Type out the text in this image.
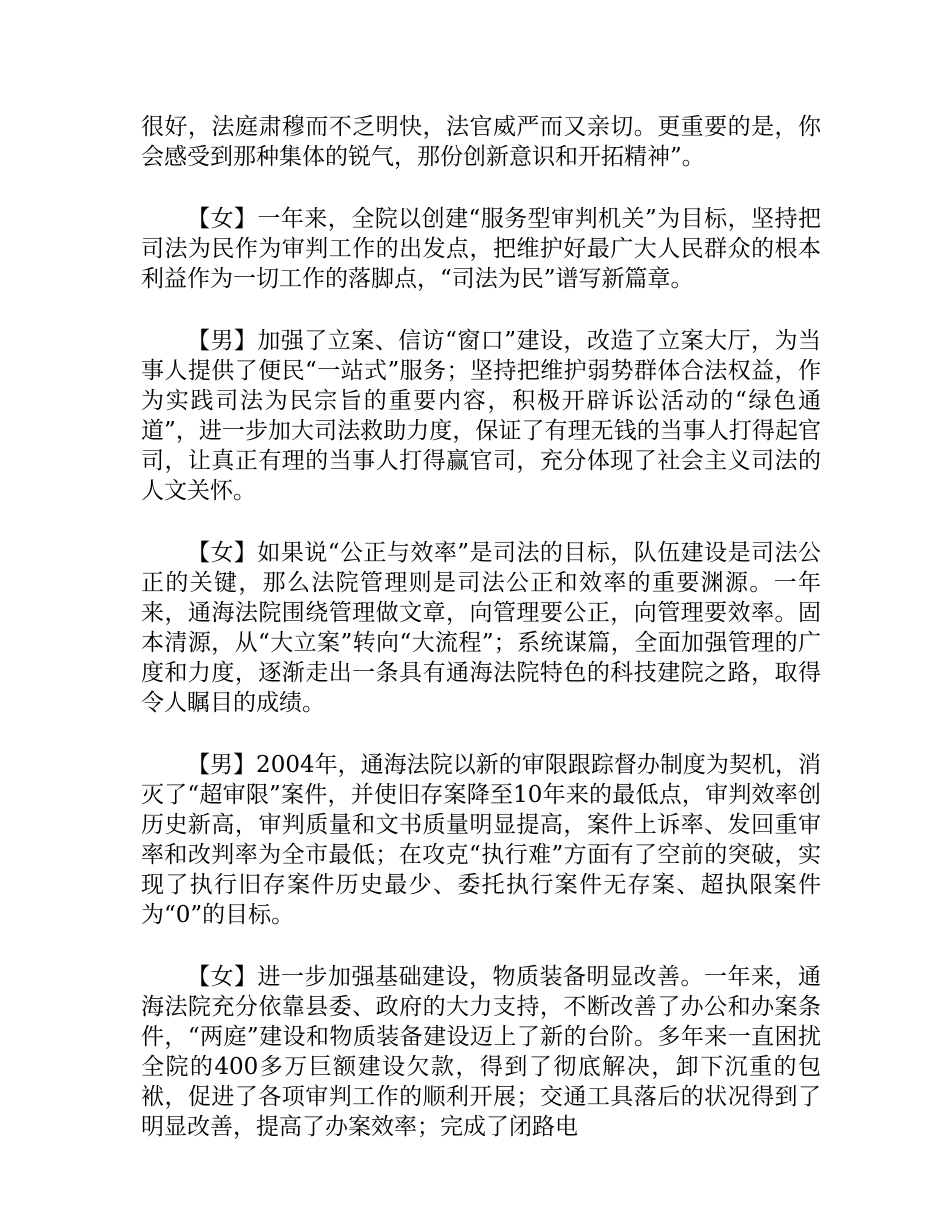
很好，法庭肃穆而不乏明快，法官威严而又亲切。更重要的是，你会感受到那种集体的锐气，那份创新意识和开拓精神”。

【女】一年来，全院以创建“服务型审判机关”为目标，坚持把司法为民作为审判工作的出发点，把维护好最广大人民群众的根本利益作为一切工作的落脚点，“司法为民”谱写新篇章。

【男】加强了立案、信访“窗口”建设，改造了立案大厅，为当事人提供了便民“一站式”服务；坚持把维护弱势群体合法权益，作为实践司法为民宗旨的重要内容，积极开辟诉讼活动的“绿色通道”，进一步加大司法救助力度，保证了有理无钱的当事人打得起官司，让真正有理的当事人打得赢官司，充分体现了社会主义司法的人文关怀。

【女】如果说“公正与效率”是司法的目标，队伍建设是司法公正的关键，那么法院管理则是司法公正和效率的重要渊源。一年来，通海法院围绕管理做文章，向管理要公正，向管理要效率。固本清源，从“大立案”转向“大流程”；系统谋篇，全面加强管理的广度和力度，逐渐走出一条具有通海法院特色的科技建院之路，取得令人瞩目的成绩。

【男】2004年，通海法院以新的审限跟踪督办制度为契机，消灭了“超审限”案件，并使旧存案降至10年来的最低点，审判效率创历史新高，审判质量和文书质量明显提高，案件上诉率、发回重审率和改判率为全市最低；在攻克“执行难”方面有了空前的突破，实现了执行旧存案件历史最少、委托执行案件无存案、超执限案件为“0”的目标。

【女】进一步加强基础建设，物质装备明显改善。一年来，通海法院充分依靠县委、政府的大力支持，不断改善了办公和办案条件，“两庭”建设和物质装备建设迈上了新的台阶。多年来一直困扰全院的400多万巨额建设欠款，得到了彻底解决，卸下沉重的包袱，促进了各项审判工作的顺利开展；交通工具落后的状况得到了明显改善，提高了办案效率；完成了闭路电
